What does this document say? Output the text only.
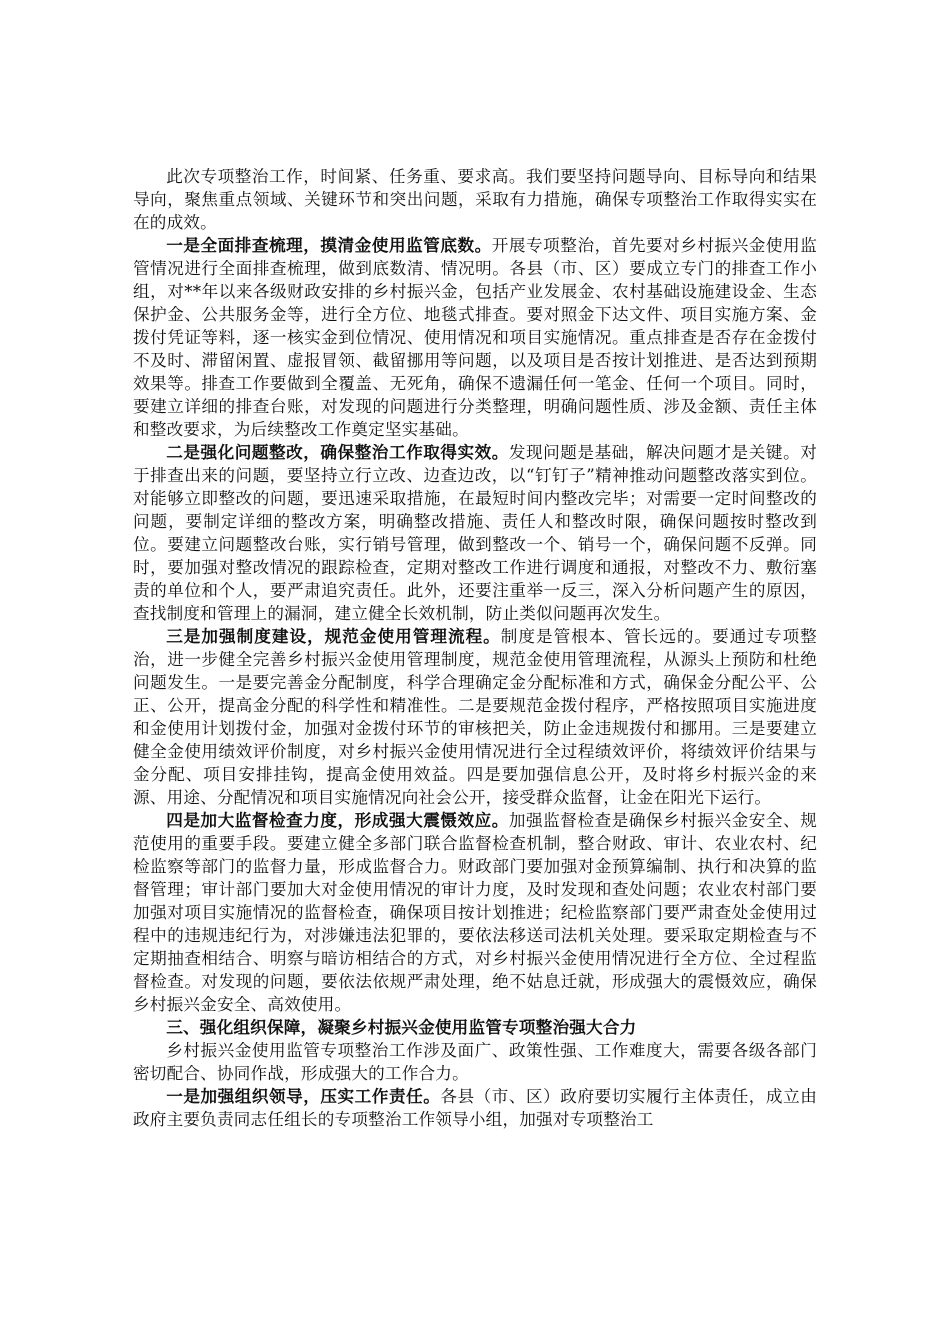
此次专项整治工作，时间紧、任务重、要求高。我们要坚持问题导向、目标导向和结果导向，聚焦重点领域、关键环节和突出问题，采取有力措施，确保专项整治工作取得实实在在的成效。

一是全面排查梳理，摸清金使用监管底数。开展专项整治，首先要对乡村振兴金使用监管情况进行全面排查梳理，做到底数清、情况明。各县（市、区）要成立专门的排查工作小组，对**年以来各级财政安排的乡村振兴金，包括产业发展金、农村基础设施建设金、生态保护金、公共服务金等，进行全方位、地毯式排查。要对照金下达文件、项目实施方案、金拨付凭证等料，逐一核实金到位情况、使用情况和项目实施情况。重点排查是否存在金拨付不及时、滞留闲置、虚报冒领、截留挪用等问题，以及项目是否按计划推进、是否达到预期效果等。排查工作要做到全覆盖、无死角，确保不遗漏任何一笔金、任何一个项目。同时，要建立详细的排查台账，对发现的问题进行分类整理，明确问题性质、涉及金额、责任主体和整改要求，为后续整改工作奠定坚实基础。

二是强化问题整改，确保整治工作取得实效。发现问题是基础，解决问题才是关键。对于排查出来的问题，要坚持立行立改、边查边改，以“钉钉子”精神推动问题整改落实到位。对能够立即整改的问题，要迅速采取措施，在最短时间内整改完毕；对需要一定时间整改的问题，要制定详细的整改方案，明确整改措施、责任人和整改时限，确保问题按时整改到位。要建立问题整改台账，实行销号管理，做到整改一个、销号一个，确保问题不反弹。同时，要加强对整改情况的跟踪检查，定期对整改工作进行调度和通报，对整改不力、敷衍塞责的单位和个人，要严肃追究责任。此外，还要注重举一反三，深入分析问题产生的原因，查找制度和管理上的漏洞，建立健全长效机制，防止类似问题再次发生。

三是加强制度建设，规范金使用管理流程。制度是管根本、管长远的。要通过专项整治，进一步健全完善乡村振兴金使用管理制度，规范金使用管理流程，从源头上预防和杜绝问题发生。一是要完善金分配制度，科学合理确定金分配标准和方式，确保金分配公平、公正、公开，提高金分配的科学性和精准性。二是要规范金拨付程序，严格按照项目实施进度和金使用计划拨付金，加强对金拨付环节的审核把关，防止金违规拨付和挪用。三是要建立健全金使用绩效评价制度，对乡村振兴金使用情况进行全过程绩效评价，将绩效评价结果与金分配、项目安排挂钩，提高金使用效益。四是要加强信息公开，及时将乡村振兴金的来源、用途、分配情况和项目实施情况向社会公开，接受群众监督，让金在阳光下运行。

四是加大监督检查力度，形成强大震慑效应。加强监督检查是确保乡村振兴金安全、规范使用的重要手段。要建立健全多部门联合监督检查机制，整合财政、审计、农业农村、纪检监察等部门的监督力量，形成监督合力。财政部门要加强对金预算编制、执行和决算的监督管理；审计部门要加大对金使用情况的审计力度，及时发现和查处问题；农业农村部门要加强对项目实施情况的监督检查，确保项目按计划推进；纪检监察部门要严肃查处金使用过程中的违规违纪行为，对涉嫌违法犯罪的，要依法移送司法机关处理。要采取定期检查与不定期抽查相结合、明察与暗访相结合的方式，对乡村振兴金使用情况进行全方位、全过程监督检查。对发现的问题，要依法依规严肃处理，绝不姑息迁就，形成强大的震慑效应，确保乡村振兴金安全、高效使用。

三、强化组织保障，凝聚乡村振兴金使用监管专项整治强大合力

乡村振兴金使用监管专项整治工作涉及面广、政策性强、工作难度大，需要各级各部门密切配合、协同作战，形成强大的工作合力。

一是加强组织领导，压实工作责任。各县（市、区）政府要切实履行主体责任，成立由政府主要负责同志任组长的专项整治工作领导小组，加强对专项整治工
